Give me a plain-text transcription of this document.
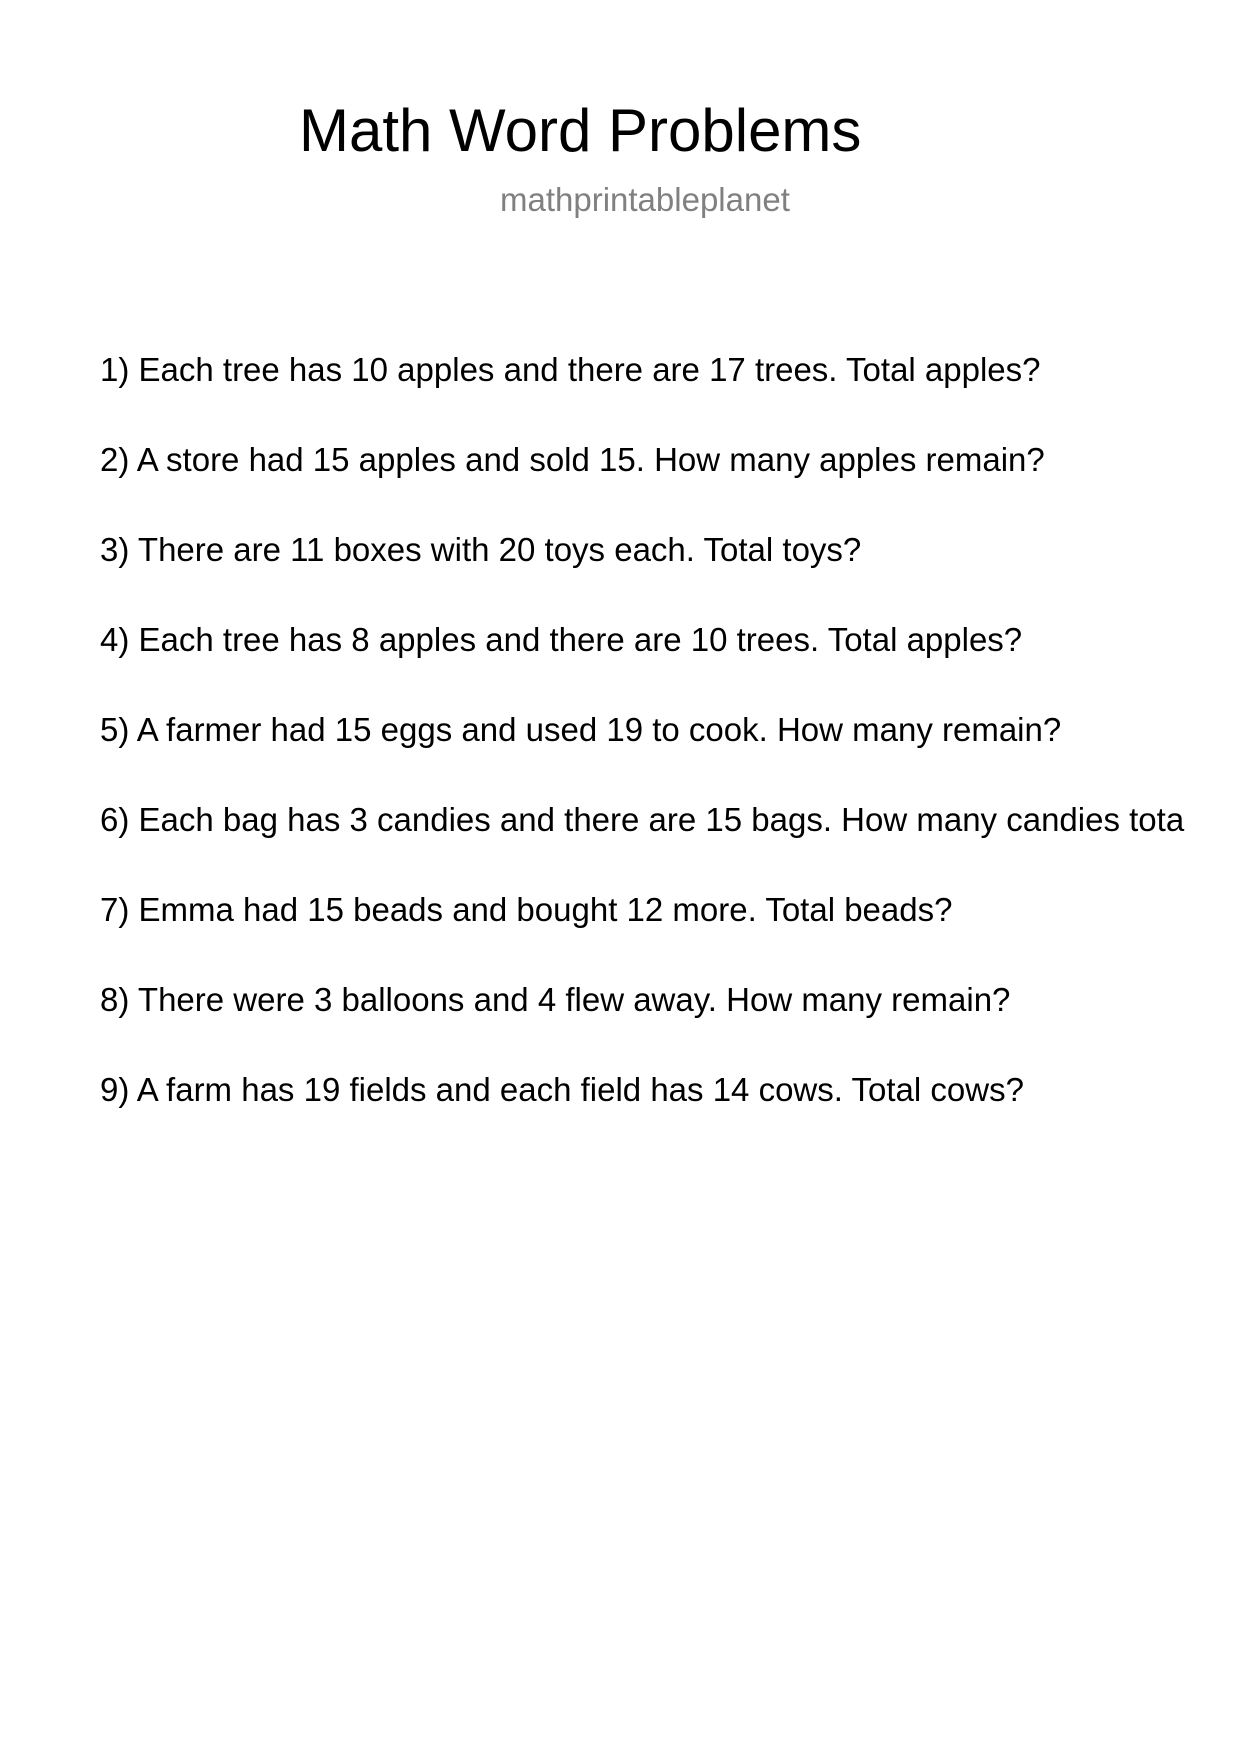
Math Word Problems
mathprintableplanet
1) Each tree has 10 apples and there are 17 trees. Total apples?
2) A store had 15 apples and sold 15. How many apples remain?
3) There are 11 boxes with 20 toys each. Total toys?
4) Each tree has 8 apples and there are 10 trees. Total apples?
5) A farmer had 15 eggs and used 19 to cook. How many remain?
6) Each bag has 3 candies and there are 15 bags. How many candies tota
7) Emma had 15 beads and bought 12 more. Total beads?
8) There were 3 balloons and 4 flew away. How many remain?
9) A farm has 19 fields and each field has 14 cows. Total cows?
